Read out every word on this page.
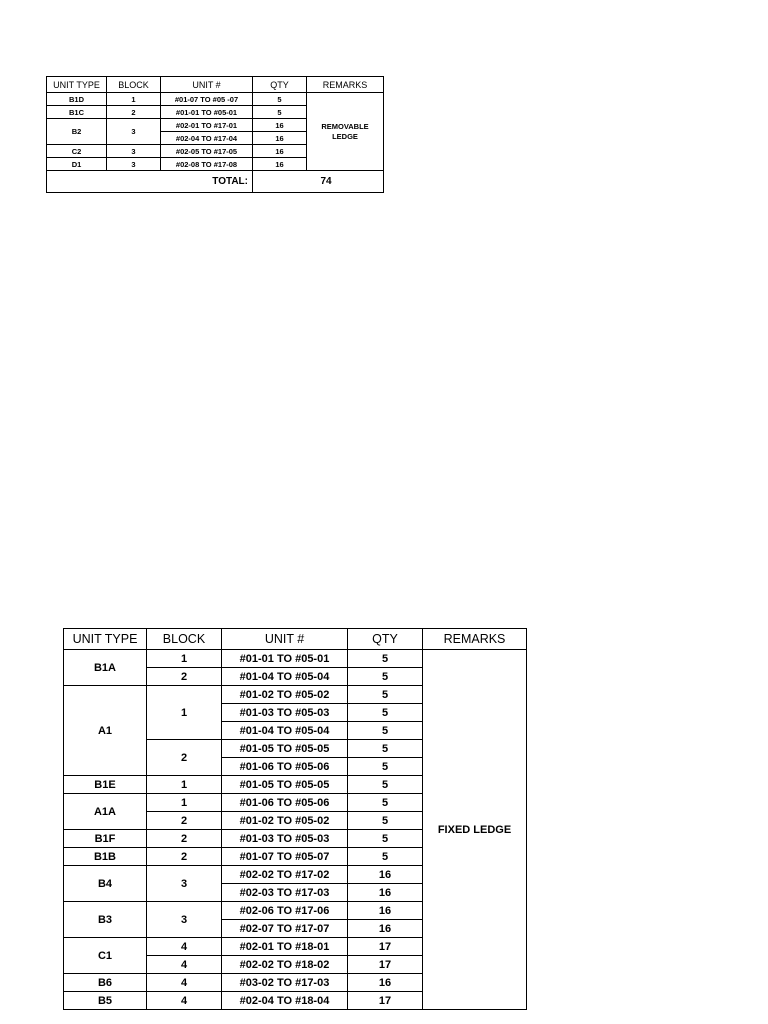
UNIT TYPE	BLOCK	UNIT #	QTY	REMARKS
B1D	1	#01-07 TO #05 -07	5	REMOVABLE LEDGE
B1C	2	#01-01 TO #05-01	5	
B2	3	#02-01 TO #17-01	16	
		#02-04 TO #17-04	16	
C2	3	#02-05 TO #17-05	16	
D1	3	#02-08 TO #17-08	16	
TOTAL:			74	
UNIT TYPE	BLOCK	UNIT #	QTY	REMARKS
B1A	1	#01-01 TO #05-01	5	FIXED LEDGE
	2	#01-04 TO #05-04	5	
A1	1	#01-02 TO #05-02	5	
		#01-03 TO #05-03	5	
		#01-04 TO #05-04	5	
	2	#01-05 TO #05-05	5	
		#01-06 TO #05-06	5	
B1E	1	#01-05 TO #05-05	5	
A1A	1	#01-06 TO #05-06	5	
	2	#01-02 TO #05-02	5	
B1F	2	#01-03 TO #05-03	5	
B1B	2	#01-07 TO #05-07	5	
B4	3	#02-02 TO #17-02	16	
		#02-03 TO #17-03	16	
B3	3	#02-06 TO #17-06	16	
		#02-07 TO #17-07	16	
C1	4	#02-01 TO #18-01	17	
	4	#02-02 TO #18-02	17	
B6	4	#03-02 TO #17-03	16	
B5	4	#02-04 TO #18-04	17	
